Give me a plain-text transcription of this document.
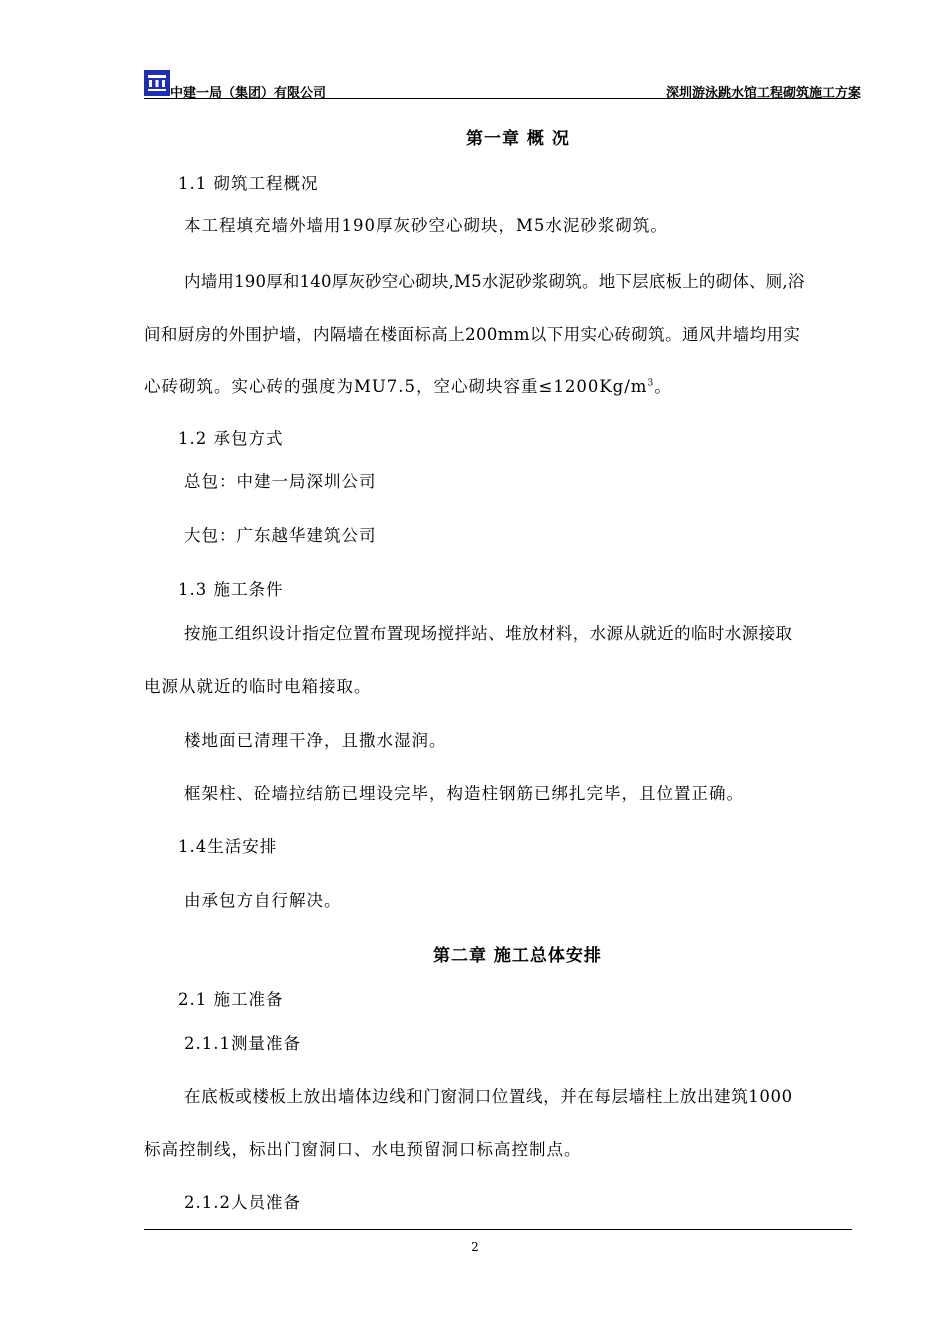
中建一局（集团）有限公司	深圳游泳跳水馆工程砌筑施工方案
第一章 概 况
1.1 砌筑工程概况
本工程填充墙外墙用190厚灰砂空心砌块，M5水泥砂浆砌筑。
内墙用190厚和140厚灰砂空心砌块,M5水泥砂浆砌筑。地下层底板上的砌体、厕,浴
间和厨房的外围护墙，内隔墙在楼面标高上200mm以下用实心砖砌筑。通风井墙均用实
心砖砌筑。实心砖的强度为MU7.5，空心砌块容重$\le 1200Kg/m^3$。
1.2 承包方式
总包：中建一局深圳公司
大包：广东越华建筑公司
1.3 施工条件
按施工组织设计指定位置布置现场搅拌站、堆放材料，水源从就近的临时水源接取
电源从就近的临时电箱接取。
楼地面已清理干净，且撒水湿润。
框架柱、砼墙拉结筋已埋设完毕，构造柱钢筋已绑扎完毕，且位置正确。
1.4生活安排
由承包方自行解决。
第二章 施工总体安排
2.1 施工准备
2.1.1测量准备
在底板或楼板上放出墙体边线和门窗洞口位置线，并在每层墙柱上放出建筑1000
标高控制线，标出门窗洞口、水电预留洞口标高控制点。
2.1.2人员准备
2
